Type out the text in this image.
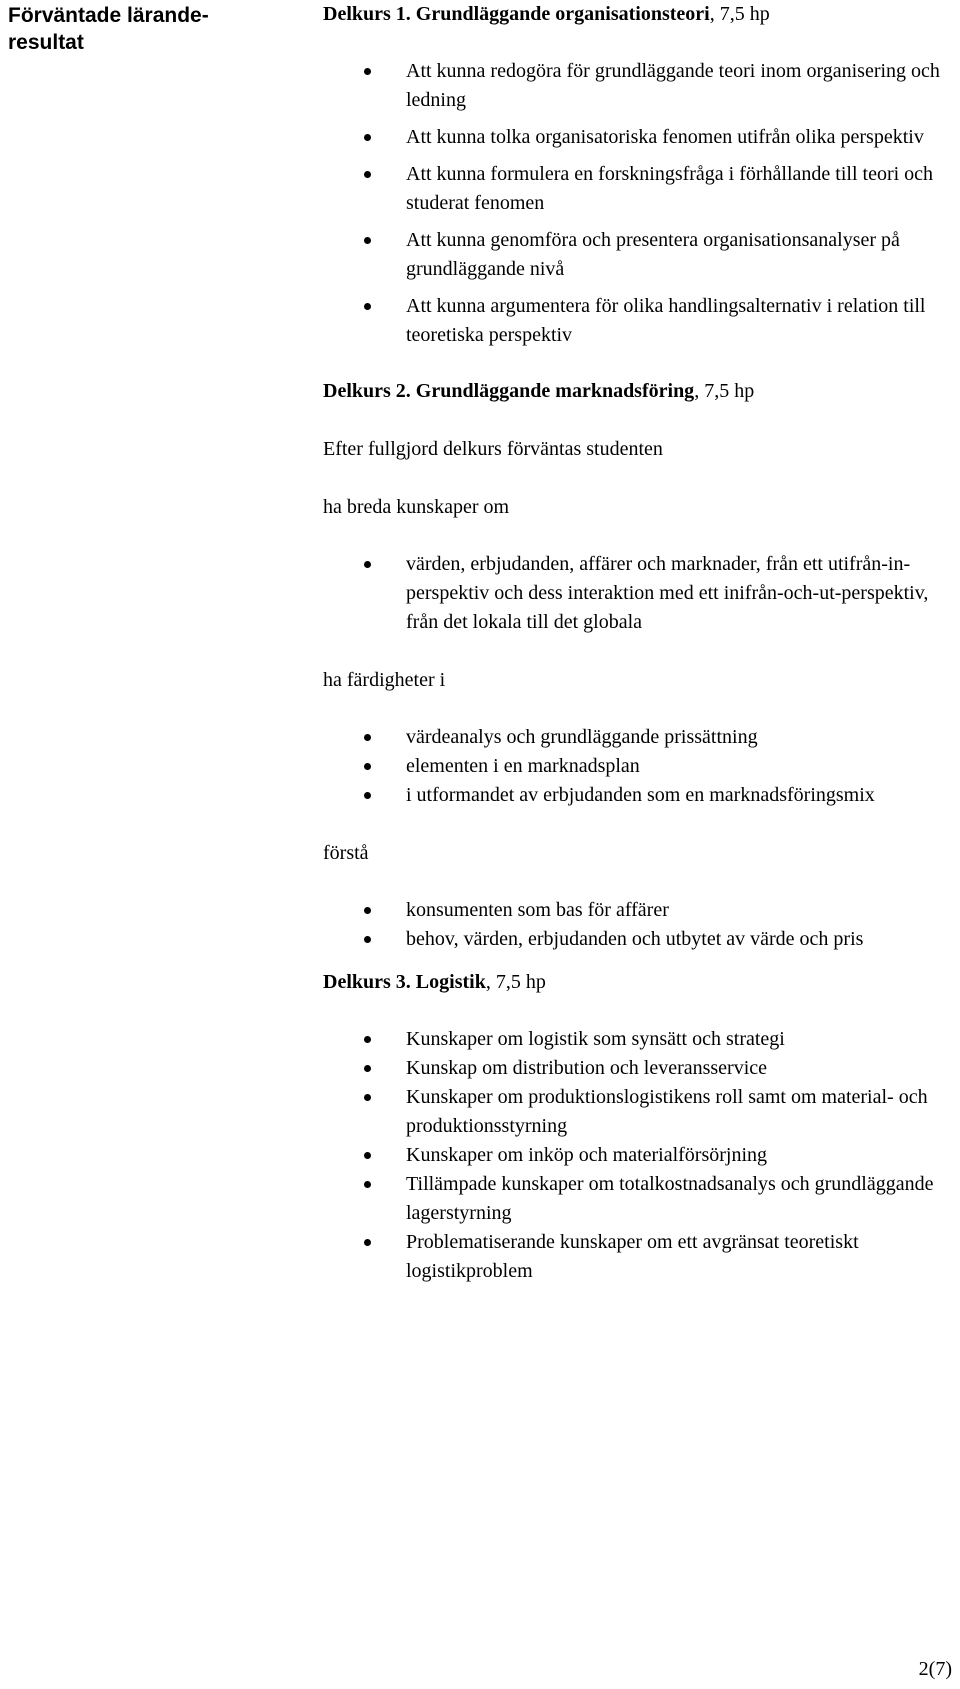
Förväntade lärande-
resultat
Delkurs 1. Grundläggande organisationsteori, 7,5 hp
Att kunna redogöra för grundläggande teori inom organisering och ledning
Att kunna tolka organisatoriska fenomen utifrån olika perspektiv
Att kunna formulera en forskningsfråga i förhållande till teori och studerat fenomen
Att kunna genomföra och presentera organisationsanalyser på grundläggande nivå
Att kunna argumentera för olika handlingsalternativ i relation till teoretiska perspektiv
Delkurs 2. Grundläggande marknadsföring, 7,5 hp

Efter fullgjord delkurs förväntas studenten

ha breda kunskaper om

värden, erbjudanden, affärer och marknader, från ett utifrån-in-perspektiv och dess interaktion med ett inifrån-och-ut-perspektiv, från det lokala till det globala

ha färdigheter i

värdeanalys och grundläggande prissättning
elementen i en marknadsplan
i utformandet av erbjudanden som en marknadsföringsmix

förstå

konsumenten som bas för affärer
behov, värden, erbjudanden och utbytet av värde och pris
Delkurs 3. Logistik, 7,5 hp
Kunskaper om logistik som synsätt och strategi
Kunskap om distribution och leveransservice
Kunskaper om produktionslogistikens roll samt om material- och produktionsstyrning
Kunskaper om inköp och materialförsörjning
Tillämpade kunskaper om totalkostnadsanalys och grundläggande lagerstyrning
Problematiserande kunskaper om ett avgränsat teoretiskt logistikproblem
2(7)
